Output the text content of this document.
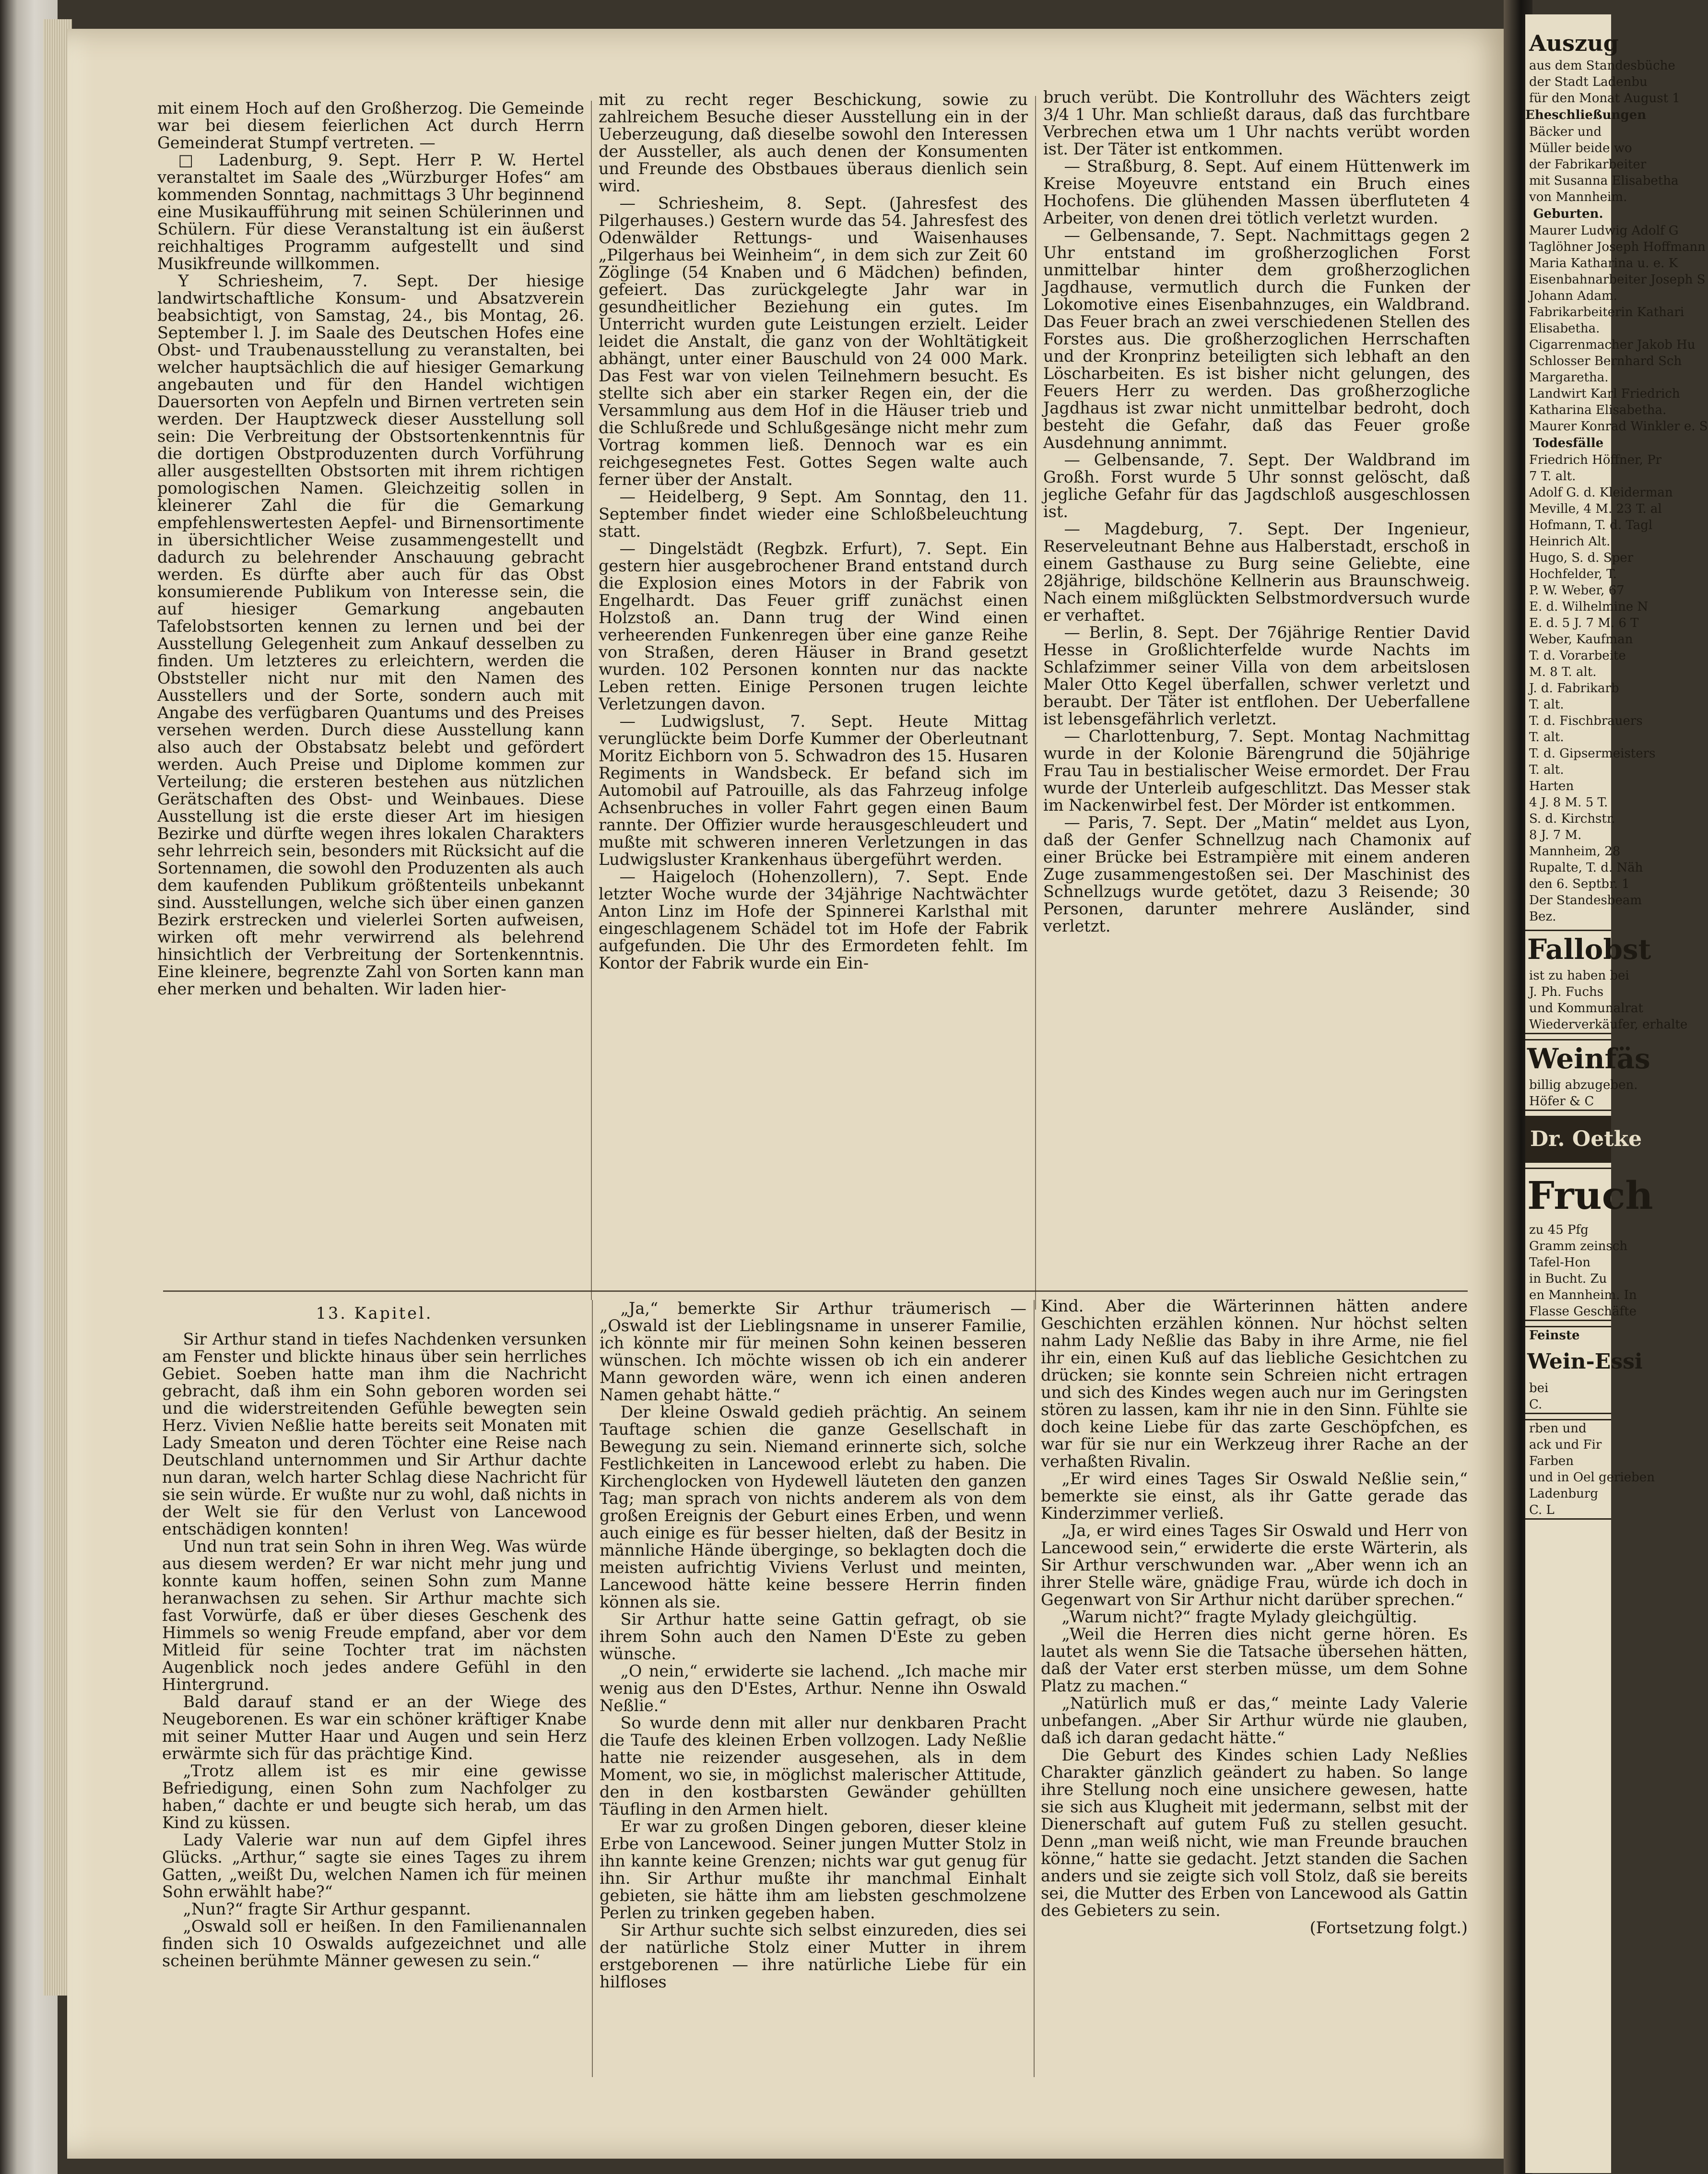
mit einem Hoch auf den Großherzog. Die Gemeinde war bei diesem feierlichen Act durch Herrn Gemeinderat Stumpf vertreten. —

□ Ladenburg, 9. Sept. Herr P. W. Hertel veranstaltet im Saale des „Würzburger Hofes“ am kommenden Sonntag, nachmittags 3 Uhr beginnend eine Musikaufführung mit seinen Schülerinnen und Schülern. Für diese Veranstaltung ist ein äußerst reichhaltiges Programm aufgestellt und sind Musikfreunde willkommen.

Y Schriesheim, 7. Sept. Der hiesige landwirtschaftliche Konsum- und Absatzverein beabsichtigt, von Samstag, 24., bis Montag, 26. September l. J. im Saale des Deutschen Hofes eine Obst- und Traubenausstellung zu veranstalten, bei welcher hauptsächlich die auf hiesiger Gemarkung angebauten und für den Handel wichtigen Dauersorten von Aepfeln und Birnen vertreten sein werden. Der Hauptzweck dieser Ausstellung soll sein: Die Verbreitung der Obstsortenkenntnis für die dortigen Obstproduzenten durch Vorführung aller ausgestellten Obstsorten mit ihrem richtigen pomologischen Namen. Gleichzeitig sollen in kleinerer Zahl die für die Gemarkung empfehlenswertesten Aepfel- und Birnensortimente in übersichtlicher Weise zusammengestellt und dadurch zu belehrender Anschauung gebracht werden. Es dürfte aber auch für das Obst konsumierende Publikum von Interesse sein, die auf hiesiger Gemarkung angebauten Tafelobstsorten kennen zu lernen und bei der Ausstellung Gelegenheit zum Ankauf desselben zu finden. Um letzteres zu erleichtern, werden die Obststeller nicht nur mit den Namen des Ausstellers und der Sorte, sondern auch mit Angabe des verfügbaren Quantums und des Preises versehen werden. Durch diese Ausstellung kann also auch der Obstabsatz belebt und gefördert werden. Auch Preise und Diplome kommen zur Verteilung; die ersteren bestehen aus nützlichen Gerätschaften des Obst- und Weinbaues. Diese Ausstellung ist die erste dieser Art im hiesigen Bezirke und dürfte wegen ihres lokalen Charakters sehr lehrreich sein, besonders mit Rücksicht auf die Sortennamen, die sowohl den Produzenten als auch dem kaufenden Publikum größtenteils unbekannt sind. Ausstellungen, welche sich über einen ganzen Bezirk erstrecken und vielerlei Sorten aufweisen, wirken oft mehr verwirrend als belehrend hinsichtlich der Verbreitung der Sortenkenntnis. Eine kleinere, begrenzte Zahl von Sorten kann man eher merken und behalten. Wir laden hier-

mit zu recht reger Beschickung, sowie zu zahlreichem Besuche dieser Ausstellung ein in der Ueberzeugung, daß dieselbe sowohl den Interessen der Aussteller, als auch denen der Konsumenten und Freunde des Obstbaues überaus dienlich sein wird.

— Schriesheim, 8. Sept. (Jahresfest des Pilgerhauses.) Gestern wurde das 54. Jahresfest des Odenwälder Rettungs- und Waisenhauses „Pilgerhaus bei Weinheim“, in dem sich zur Zeit 60 Zöglinge (54 Knaben und 6 Mädchen) befinden, gefeiert. Das zurückgelegte Jahr war in gesundheitlicher Beziehung ein gutes. Im Unterricht wurden gute Leistungen erzielt. Leider leidet die Anstalt, die ganz von der Wohltätigkeit abhängt, unter einer Bauschuld von 24 000 Mark. Das Fest war von vielen Teilnehmern besucht. Es stellte sich aber ein starker Regen ein, der die Versammlung aus dem Hof in die Häuser trieb und die Schlußrede und Schlußgesänge nicht mehr zum Vortrag kommen ließ. Dennoch war es ein reichgesegnetes Fest. Gottes Segen walte auch ferner über der Anstalt.

— Heidelberg, 9 Sept. Am Sonntag, den 11. September findet wieder eine Schloßbeleuchtung statt.

— Dingelstädt (Regbzk. Erfurt), 7. Sept. Ein gestern hier ausgebrochener Brand entstand durch die Explosion eines Motors in der Fabrik von Engelhardt. Das Feuer griff zunächst einen Holzstoß an. Dann trug der Wind einen verheerenden Funkenregen über eine ganze Reihe von Straßen, deren Häuser in Brand gesetzt wurden. 102 Personen konnten nur das nackte Leben retten. Einige Personen trugen leichte Verletzungen davon.

— Ludwigslust, 7. Sept. Heute Mittag verunglückte beim Dorfe Kummer der Oberleutnant Moritz Eichborn von 5. Schwadron des 15. Husaren Regiments in Wandsbeck. Er befand sich im Automobil auf Patrouille, als das Fahrzeug infolge Achsenbruches in voller Fahrt gegen einen Baum rannte. Der Offizier wurde herausgeschleudert und mußte mit schweren inneren Verletzungen in das Ludwigsluster Krankenhaus übergeführt werden.

— Haigeloch (Hohenzollern), 7. Sept. Ende letzter Woche wurde der 34jährige Nachtwächter Anton Linz im Hofe der Spinnerei Karlsthal mit eingeschlagenem Schädel tot im Hofe der Fabrik aufgefunden. Die Uhr des Ermordeten fehlt. Im Kontor der Fabrik wurde ein Ein-

bruch verübt. Die Kontrolluhr des Wächters zeigt 3/4 1 Uhr. Man schließt daraus, daß das furchtbare Verbrechen etwa um 1 Uhr nachts verübt worden ist. Der Täter ist entkommen.

— Straßburg, 8. Sept. Auf einem Hüttenwerk im Kreise Moyeuvre entstand ein Bruch eines Hochofens. Die glühenden Massen überfluteten 4 Arbeiter, von denen drei tötlich verletzt wurden.

— Gelbensande, 7. Sept. Nachmittags gegen 2 Uhr entstand im großherzoglichen Forst unmittelbar hinter dem großherzoglichen Jagdhause, vermutlich durch die Funken der Lokomotive eines Eisenbahnzuges, ein Waldbrand. Das Feuer brach an zwei verschiedenen Stellen des Forstes aus. Die großherzoglichen Herrschaften und der Kronprinz beteiligten sich lebhaft an den Löscharbeiten. Es ist bisher nicht gelungen, des Feuers Herr zu werden. Das großherzogliche Jagdhaus ist zwar nicht unmittelbar bedroht, doch besteht die Gefahr, daß das Feuer große Ausdehnung annimmt.

— Gelbensande, 7. Sept. Der Waldbrand im Großh. Forst wurde 5 Uhr sonnst gelöscht, daß jegliche Gefahr für das Jagdschloß ausgeschlossen ist.

— Magdeburg, 7. Sept. Der Ingenieur, Reserveleutnant Behne aus Halberstadt, erschoß in einem Gasthause zu Burg seine Geliebte, eine 28jährige, bildschöne Kellnerin aus Braunschweig. Nach einem mißglückten Selbstmordversuch wurde er verhaftet.

— Berlin, 8. Sept. Der 76jährige Rentier David Hesse in Großlichterfelde wurde Nachts im Schlafzimmer seiner Villa von dem arbeitslosen Maler Otto Kegel überfallen, schwer verletzt und beraubt. Der Täter ist entflohen. Der Ueberfallene ist lebensgefährlich verletzt.

— Charlottenburg, 7. Sept. Montag Nachmittag wurde in der Kolonie Bärengrund die 50jährige Frau Tau in bestialischer Weise ermordet. Der Frau wurde der Unterleib aufgeschlitzt. Das Messer stak im Nackenwirbel fest. Der Mörder ist entkommen.

— Paris, 7. Sept. Der „Matin“ meldet aus Lyon, daß der Genfer Schnellzug nach Chamonix auf einer Brücke bei Estrampière mit einem anderen Zuge zusammengestoßen sei. Der Maschinist des Schnellzugs wurde getötet, dazu 3 Reisende; 30 Personen, darunter mehrere Ausländer, sind verletzt.

13. Kapitel.

Sir Arthur stand in tiefes Nachdenken versunken am Fenster und blickte hinaus über sein herrliches Gebiet. Soeben hatte man ihm die Nachricht gebracht, daß ihm ein Sohn geboren worden sei und die widerstreitenden Gefühle bewegten sein Herz. Vivien Neßlie hatte bereits seit Monaten mit Lady Smeaton und deren Töchter eine Reise nach Deutschland unternommen und Sir Arthur dachte nun daran, welch harter Schlag diese Nachricht für sie sein würde. Er wußte nur zu wohl, daß nichts in der Welt sie für den Verlust von Lancewood entschädigen konnten!

Und nun trat sein Sohn in ihren Weg. Was würde aus diesem werden? Er war nicht mehr jung und konnte kaum hoffen, seinen Sohn zum Manne heranwachsen zu sehen. Sir Arthur machte sich fast Vorwürfe, daß er über dieses Geschenk des Himmels so wenig Freude empfand, aber vor dem Mitleid für seine Tochter trat im nächsten Augenblick noch jedes andere Gefühl in den Hintergrund.

Bald darauf stand er an der Wiege des Neugeborenen. Es war ein schöner kräftiger Knabe mit seiner Mutter Haar und Augen und sein Herz erwärmte sich für das prächtige Kind.

„Trotz allem ist es mir eine gewisse Befriedigung, einen Sohn zum Nachfolger zu haben,“ dachte er und beugte sich herab, um das Kind zu küssen.

Lady Valerie war nun auf dem Gipfel ihres Glücks. „Arthur,“ sagte sie eines Tages zu ihrem Gatten, „weißt Du, welchen Namen ich für meinen Sohn erwählt habe?“

„Nun?“ fragte Sir Arthur gespannt.

„Oswald soll er heißen. In den Familienannalen finden sich 10 Oswalds aufgezeichnet und alle scheinen berühmte Männer gewesen zu sein.“

„Ja,“ bemerkte Sir Arthur träumerisch — „Oswald ist der Lieblingsname in unserer Familie, ich könnte mir für meinen Sohn keinen besseren wünschen. Ich möchte wissen ob ich ein anderer Mann geworden wäre, wenn ich einen anderen Namen gehabt hätte.“

Der kleine Oswald gedieh prächtig. An seinem Tauftage schien die ganze Gesellschaft in Bewegung zu sein. Niemand erinnerte sich, solche Festlichkeiten in Lancewood erlebt zu haben. Die Kirchenglocken von Hydewell läuteten den ganzen Tag; man sprach von nichts anderem als von dem großen Ereignis der Geburt eines Erben, und wenn auch einige es für besser hielten, daß der Besitz in männliche Hände überginge, so beklagten doch die meisten aufrichtig Viviens Verlust und meinten, Lancewood hätte keine bessere Herrin finden können als sie.

Sir Arthur hatte seine Gattin gefragt, ob sie ihrem Sohn auch den Namen D'Este zu geben wünsche.

„O nein,“ erwiderte sie lachend. „Ich mache mir wenig aus den D'Estes, Arthur. Nenne ihn Oswald Neßlie.“

So wurde denn mit aller nur denkbaren Pracht die Taufe des kleinen Erben vollzogen. Lady Neßlie hatte nie reizender ausgesehen, als in dem Moment, wo sie, in möglichst malerischer Attitude, den in den kostbarsten Gewänder gehüllten Täufling in den Armen hielt.

Er war zu großen Dingen geboren, dieser kleine Erbe von Lancewood. Seiner jungen Mutter Stolz in ihn kannte keine Grenzen; nichts war gut genug für ihn. Sir Arthur mußte ihr manchmal Einhalt gebieten, sie hätte ihm am liebsten geschmolzene Perlen zu trinken gegeben haben.

Sir Arthur suchte sich selbst einzureden, dies sei der natürliche Stolz einer Mutter in ihrem erstgeborenen — ihre natürliche Liebe für ein hilfloses

Kind. Aber die Wärterinnen hätten andere Geschichten erzählen können. Nur höchst selten nahm Lady Neßlie das Baby in ihre Arme, nie fiel ihr ein, einen Kuß auf das liebliche Gesichtchen zu drücken; sie konnte sein Schreien nicht ertragen und sich des Kindes wegen auch nur im Geringsten stören zu lassen, kam ihr nie in den Sinn. Fühlte sie doch keine Liebe für das zarte Geschöpfchen, es war für sie nur ein Werkzeug ihrer Rache an der verhaßten Rivalin.

„Er wird eines Tages Sir Oswald Neßlie sein,“ bemerkte sie einst, als ihr Gatte gerade das Kinderzimmer verließ.

„Ja, er wird eines Tages Sir Oswald und Herr von Lancewood sein,“ erwiderte die erste Wärterin, als Sir Arthur verschwunden war. „Aber wenn ich an ihrer Stelle wäre, gnädige Frau, würde ich doch in Gegenwart von Sir Arthur nicht darüber sprechen.“

„Warum nicht?“ fragte Mylady gleichgültig.

„Weil die Herren dies nicht gerne hören. Es lautet als wenn Sie die Tatsache übersehen hätten, daß der Vater erst sterben müsse, um dem Sohne Platz zu machen.“

„Natürlich muß er das,“ meinte Lady Valerie unbefangen. „Aber Sir Arthur würde nie glauben, daß ich daran gedacht hätte.“

Die Geburt des Kindes schien Lady Neßlies Charakter gänzlich geändert zu haben. So lange ihre Stellung noch eine unsichere gewesen, hatte sie sich aus Klugheit mit jedermann, selbst mit der Dienerschaft auf gutem Fuß zu stellen gesucht. Denn „man weiß nicht, wie man Freunde brauchen könne,“ hatte sie gedacht. Jetzt standen die Sachen anders und sie zeigte sich voll Stolz, daß sie bereits sei, die Mutter des Erben von Lancewood als Gattin des Gebieters zu sein.

(Fortsetzung folgt.)

Auszug
aus dem Standesbüche
der Stadt Ladenbu
für den Monat August 1
Eheschließungen
Bäcker und
Müller beide wo
der Fabrikarbeiter
mit Susanna Elisabetha
von Mannheim.
Geburten.
Maurer Ludwig Adolf G
Taglöhner Joseph Hoffmann
Maria Katharina u. e. K
Eisenbahnarbeiter Joseph S
Johann Adam.
Fabrikarbeiterin Kathari
Elisabetha.
Cigarrenmacher Jakob Hu
Schlosser Bernhard Sch
Margaretha.
Landwirt Karl Friedrich
Katharina Elisabetha.
Maurer Konrad Winkler e. S
Todesfälle
Friedrich Höffner, Pr
7 T. alt.
Adolf G. d. Kleiderman
Meville, 4 M. 23 T. al
Hofmann, T. d. Tagl
Heinrich Alt.
Hugo, S. d. Sper
Hochfelder, T.
P. W. Weber, 67
E. d. Wilhelmine N
E. d. 5 J. 7 M. 6 T
Weber, Kaufman
T. d. Vorarbeite
M. 8 T. alt.
J. d. Fabrikarb
T. alt.
T. d. Fischbrauers
T. alt.
T. d. Gipsermeisters
T. alt.
Harten
4 J. 8 M. 5 T.
S. d. Kirchstr.
8 J. 7 M.
Mannheim, 28
Rupalte, T. d. Näh
den 6. Septbr. 1
Der Standesbeam
Bez.
Fallobst
ist zu haben bei
J. Ph. Fuchs
und Kommunalrat
Wiederverkäufer, erhalte
Weinfäs
billig abzugeben.
Höfer & C
Dr. Oetke
Fruch
zu 45 Pfg
Gramm zeinsch
Tafel-Hon
in Bucht. Zu
en Mannheim. In
Flasse Geschäfte
Feinste
Wein-Essi
bei
C.
rben und
ack und Fir
Farben
und in Oel gerieben
Ladenburg
C. L
